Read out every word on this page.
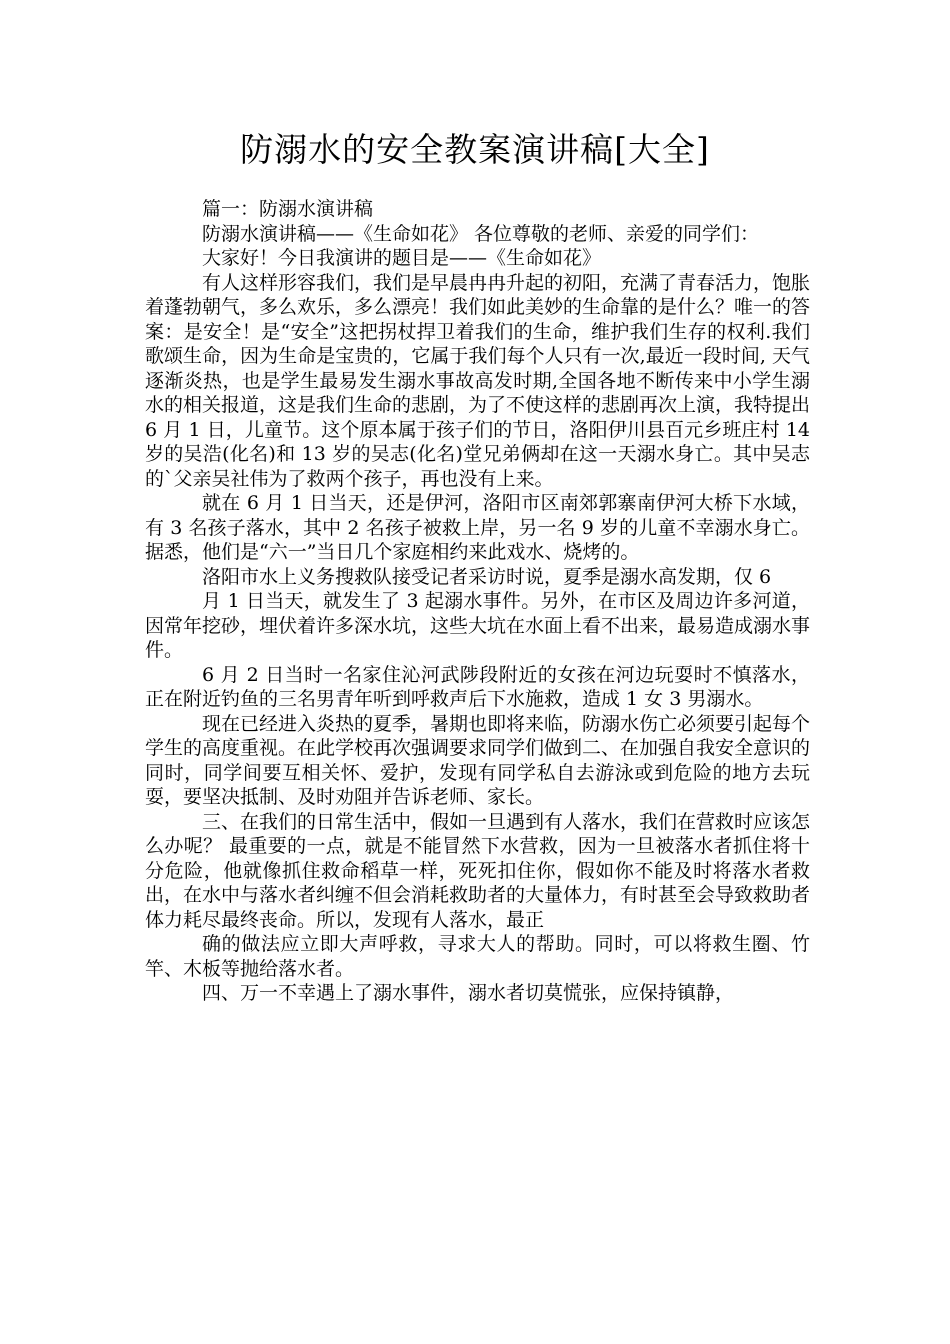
防溺水的安全教案演讲稿[大全]

篇一：防溺水演讲稿

防溺水演讲稿——《生命如花》 各位尊敬的老师、亲爱的同学们：

大家好！今日我演讲的题目是——《生命如花》

有人这样形容我们，我们是早晨冉冉升起的初阳，充满了青春活力，饱胀着蓬勃朝气，多么欢乐，多么漂亮！我们如此美妙的生命靠的是什么？唯一的答案：是安全！是“安全”这把拐杖捍卫着我们的生命，维护我们生存的权利.我们歌颂生命，因为生命是宝贵的，它属于我们每个人只有一次,最近一段时间, 天气逐渐炎热，也是学生最易发生溺水事故高发时期,全国各地不断传来中小学生溺水的相关报道，这是我们生命的悲剧，为了不使这样的悲剧再次上演，我特提出 6 月 1 日，儿童节。这个原本属于孩子们的节日，洛阳伊川县百元乡班庄村 14 岁的吴浩(化名)和 13 岁的吴志(化名)堂兄弟俩却在这一天溺水身亡。其中吴志的`父亲吴社伟为了救两个孩子，再也没有上来。

就在 6 月 1 日当天，还是伊河，洛阳市区南郊郭寨南伊河大桥下水域，有 3 名孩子落水，其中 2 名孩子被救上岸，另一名 9 岁的儿童不幸溺水身亡。据悉，他们是“六一”当日几个家庭相约来此戏水、烧烤的。

洛阳市水上义务搜救队接受记者采访时说，夏季是溺水高发期，仅 6

月 1 日当天，就发生了 3 起溺水事件。另外，在市区及周边许多河道，因常年挖砂，埋伏着许多深水坑，这些大坑在水面上看不出来，最易造成溺水事件。

6 月 2 日当时一名家住沁河武陟段附近的女孩在河边玩耍时不慎落水，正在附近钓鱼的三名男青年听到呼救声后下水施救，造成 1 女 3 男溺水。

现在已经进入炎热的夏季，暑期也即将来临，防溺水伤亡必须要引起每个学生的高度重视。在此学校再次强调要求同学们做到二、在加强自我安全意识的同时，同学间要互相关怀、爱护，发现有同学私自去游泳或到危险的地方去玩耍，要坚决抵制、及时劝阻并告诉老师、家长。

三、在我们的日常生活中，假如一旦遇到有人落水，我们在营救时应该怎么办呢？ 最重要的一点，就是不能冒然下水营救，因为一旦被落水者抓住将十分危险，他就像抓住救命稻草一样，死死扣住你，假如你不能及时将落水者救出，在水中与落水者纠缠不但会消耗救助者的大量体力，有时甚至会导致救助者体力耗尽最终丧命。所以，发现有人落水，最正

确的做法应立即大声呼救，寻求大人的帮助。同时，可以将救生圈、竹竿、木板等抛给落水者。

四、万一不幸遇上了溺水事件，溺水者切莫慌张，应保持镇静，
